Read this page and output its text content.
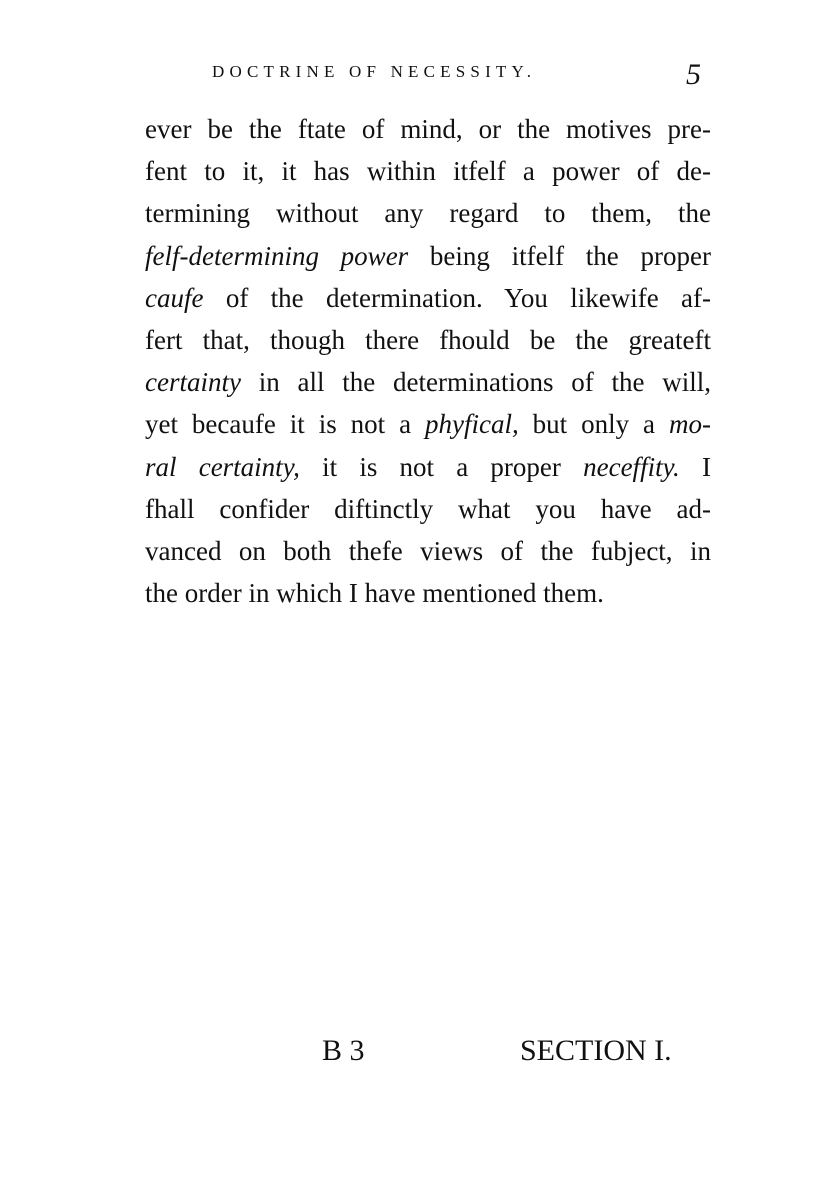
DOCTRINE OF NECESSITY.	5
ever be the ftate of mind, or the motives pre-
fent to it, it has within itfelf a power of de-
termining without any regard to them, the
felf-determining power being itfelf the proper
caufe of the determination. You likewife af-
fert that, though there fhould be the greateft
certainty in all the determinations of the will,
yet becaufe it is not a phyfical, but only a mo-
ral certainty, it is not a proper neceffity. I
fhall confider diftinctly what you have ad-
vanced on both thefe views of the fubject, in
the order in which I have mentioned them.
B 3	SECTION I.
